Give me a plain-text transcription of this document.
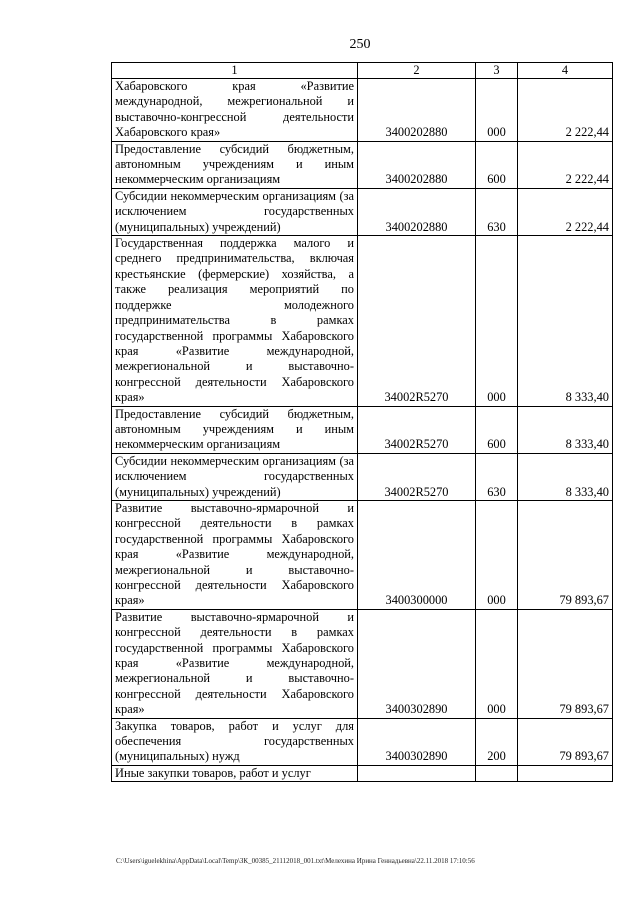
250
1	2	3	4
Хабаровского края «Развитие международной, межрегиональной и выставочно-конгрессной деятельности Хабаровского края»	3400202880	000	2 222,44
Предоставление субсидий бюджетным, автономным учреждениям и иным некоммерческим организациям	3400202880	600	2 222,44
Субсидии некоммерческим организациям (за исключением государственных (муниципальных) учреждений)	3400202880	630	2 222,44
Государственная поддержка малого и среднего предпринимательства, включая крестьянские (фермерские) хозяйства, а также реализация мероприятий по поддержке молодежного предпринимательства в рамках государственной программы Хабаровского края «Развитие международной, межрегиональной и выставочно-конгрессной деятельности Хабаровского края»	34002R5270	000	8 333,40
Предоставление субсидий бюджетным, автономным учреждениям и иным некоммерческим организациям	34002R5270	600	8 333,40
Субсидии некоммерческим организациям (за исключением государственных (муниципальных) учреждений)	34002R5270	630	8 333,40
Развитие выставочно-ярмарочной и конгрессной деятельности в рамках государственной программы Хабаровского края «Развитие международной, межрегиональной и выставочно-конгрессной деятельности Хабаровского края»	3400300000	000	79 893,67
Развитие выставочно-ярмарочной и конгрессной деятельности в рамках государственной программы Хабаровского края «Развитие международной, межрегиональной и выставочно-конгрессной деятельности Хабаровского края»	3400302890	000	79 893,67
Закупка товаров, работ и услуг для обеспечения государственных (муниципальных) нужд	3400302890	200	79 893,67
Иные закупки товаров, работ и услуг			
C:\Users\iguelekhina\AppData\Local\Temp\ЗК_00385_21112018_001.txt\Мелехина Ирина Геннадьевна\22.11.2018 17:10:56
